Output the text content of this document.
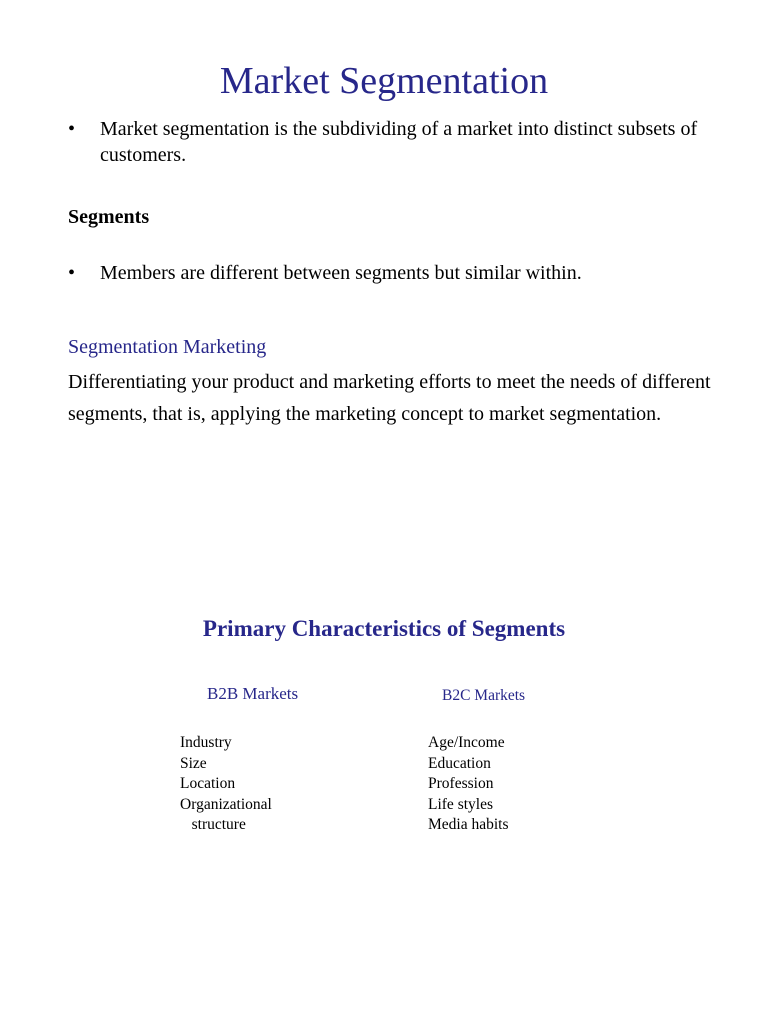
Market Segmentation
• Market segmentation is the subdividing of a market into distinct subsets of customers.
Segments
• Members are different between segments but similar within.
Segmentation Marketing
Differentiating your product and marketing efforts to meet the needs of different segments, that is, applying the marketing concept to market segmentation.
Primary Characteristics of Segments
B2B Markets	B2C Markets
Industry
Size
Location
Organizational
structure
Age/Income
Education
Profession
Life styles
Media habits
